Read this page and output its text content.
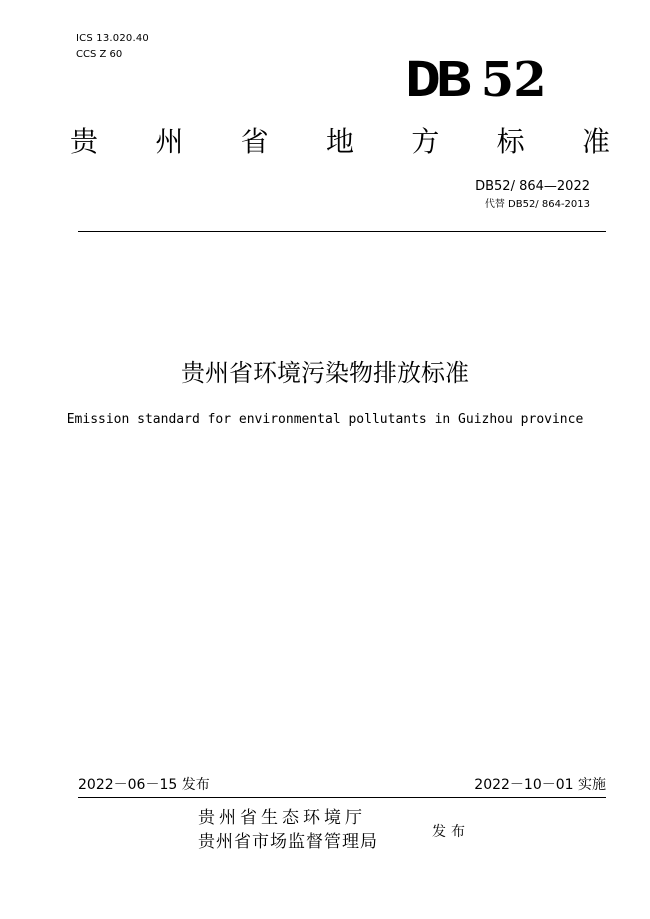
ICS 13.020.40
CCS Z 60	DB 52
贵 州 省 地 方 标 准
DB52/ 864—2022
代替 DB52/ 864-2013
贵州省环境污染物排放标准
Emission standard for environmental pollutants in Guizhou province
2022－06－15 发布	2022－10－01 实施
贵州省生态环境厅
贵州省市场监督管理局	发布
